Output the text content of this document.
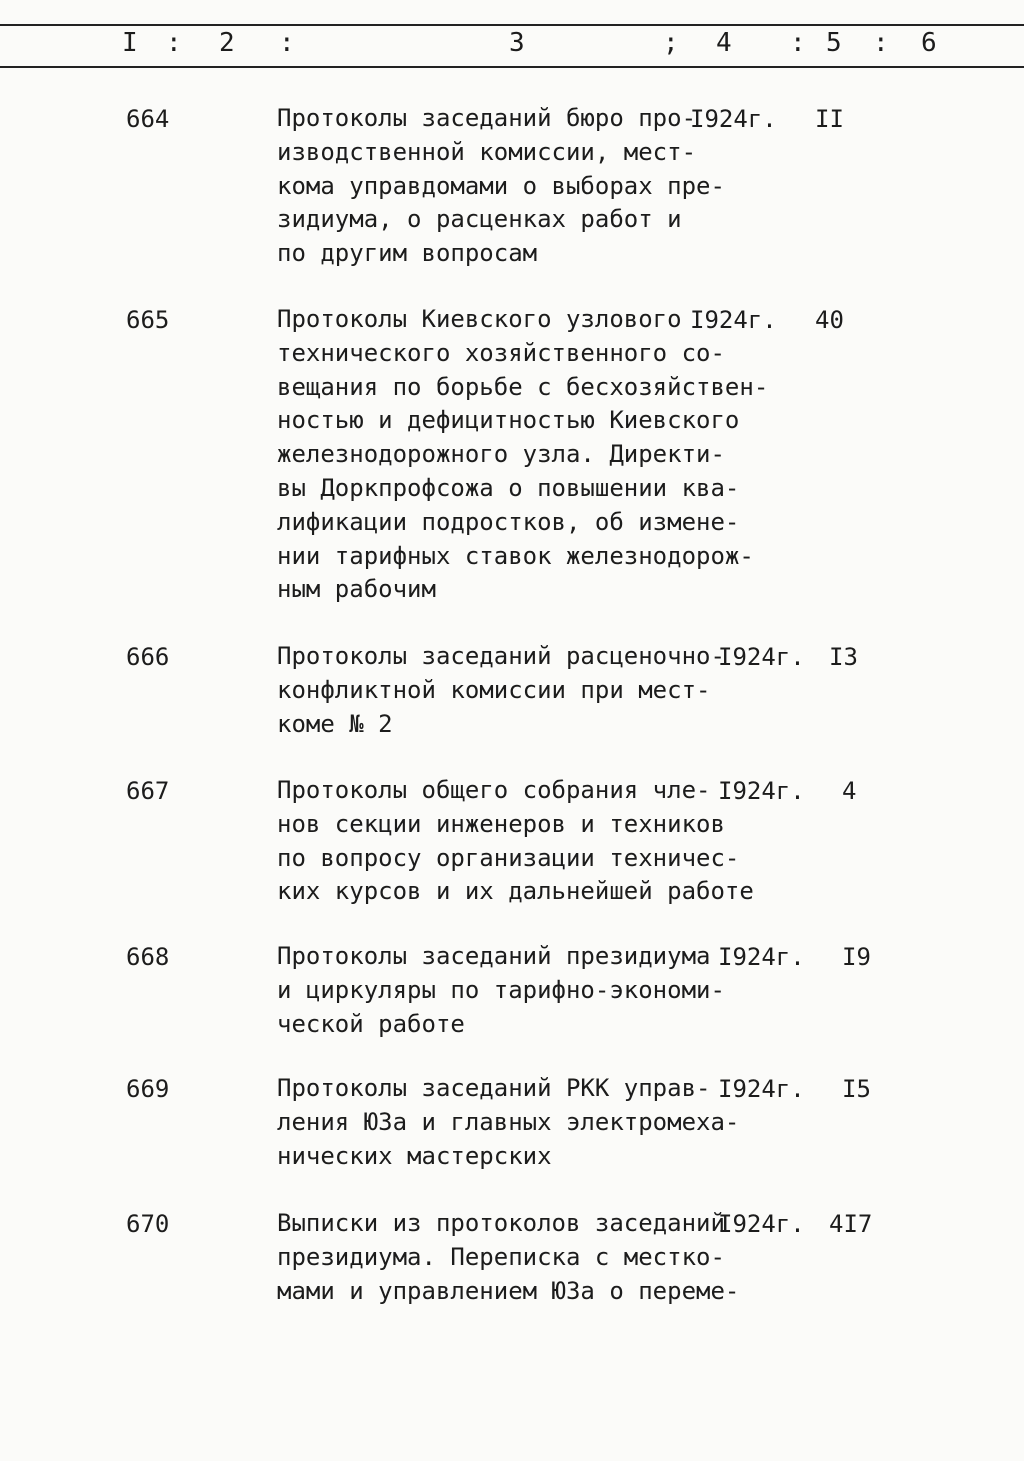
I : 2 :	3	; 4 : 5 : 6
664	Протоколы заседаний бюро про-
изводственной комиссии, мест-
кома управдомами о выборах пре-
зидиума, о расценках работ и
по другим вопросам
I924г. II
665	Протоколы Киевского узлового
технического хозяйственного со-
вещания по борьбе с бесхозяйствен-
ностью и дефицитностью Киевского
железнодорожного узла. Директи-
вы Доркпрофсожа о повышении ква-
лификации подростков, об измене-
нии тарифных ставок железнодорож-
ным рабочим
I924г. 40
666	Протоколы заседаний расценочно-
конфликтной комиссии при мест-
коме № 2
I924г. I3
667	Протоколы общего собрания чле-
нов секции инженеров и техников
по вопросу организации техничес-
ких курсов и их дальнейшей работе
I924г. 4
668	Протоколы заседаний президиума
и циркуляры по тарифно-экономи-
ческой работе
I924г. I9
669	Протоколы заседаний РКК управ-
ления ЮЗа и главных электромеха-
нических мастерских
I924г. I5
670	Выписки из протоколов заседаний
президиума. Переписка с местко-
мами и управлением ЮЗа о переме-
I924г. 4I7
